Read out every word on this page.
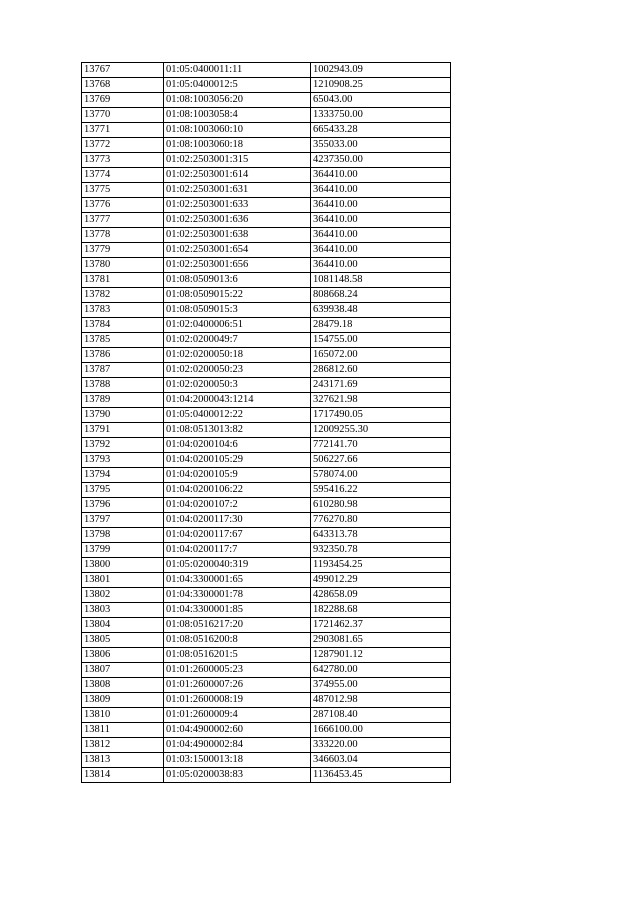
13767	01:05:0400011:11	1002943.09
13768	01:05:0400012:5	1210908.25
13769	01:08:1003056:20	65043.00
13770	01:08:1003058:4	1333750.00
13771	01:08:1003060:10	665433.28
13772	01:08:1003060:18	355033.00
13773	01:02:2503001:315	4237350.00
13774	01:02:2503001:614	364410.00
13775	01:02:2503001:631	364410.00
13776	01:02:2503001:633	364410.00
13777	01:02:2503001:636	364410.00
13778	01:02:2503001:638	364410.00
13779	01:02:2503001:654	364410.00
13780	01:02:2503001:656	364410.00
13781	01:08:0509013:6	1081148.58
13782	01:08:0509015:22	808668.24
13783	01:08:0509015:3	639938.48
13784	01:02:0400006:51	28479.18
13785	01:02:0200049:7	154755.00
13786	01:02:0200050:18	165072.00
13787	01:02:0200050:23	286812.60
13788	01:02:0200050:3	243171.69
13789	01:04:2000043:1214	327621.98
13790	01:05:0400012:22	1717490.05
13791	01:08:0513013:82	12009255.30
13792	01:04:0200104:6	772141.70
13793	01:04:0200105:29	506227.66
13794	01:04:0200105:9	578074.00
13795	01:04:0200106:22	595416.22
13796	01:04:0200107:2	610280.98
13797	01:04:0200117:30	776270.80
13798	01:04:0200117:67	643313.78
13799	01:04:0200117:7	932350.78
13800	01:05:0200040:319	1193454.25
13801	01:04:3300001:65	499012.29
13802	01:04:3300001:78	428658.09
13803	01:04:3300001:85	182288.68
13804	01:08:0516217:20	1721462.37
13805	01:08:0516200:8	2903081.65
13806	01:08:0516201:5	1287901.12
13807	01:01:2600005:23	642780.00
13808	01:01:2600007:26	374955.00
13809	01:01:2600008:19	487012.98
13810	01:01:2600009:4	287108.40
13811	01:04:4900002:60	1666100.00
13812	01:04:4900002:84	333220.00
13813	01:03:1500013:18	346603.04
13814	01:05:0200038:83	1136453.45
